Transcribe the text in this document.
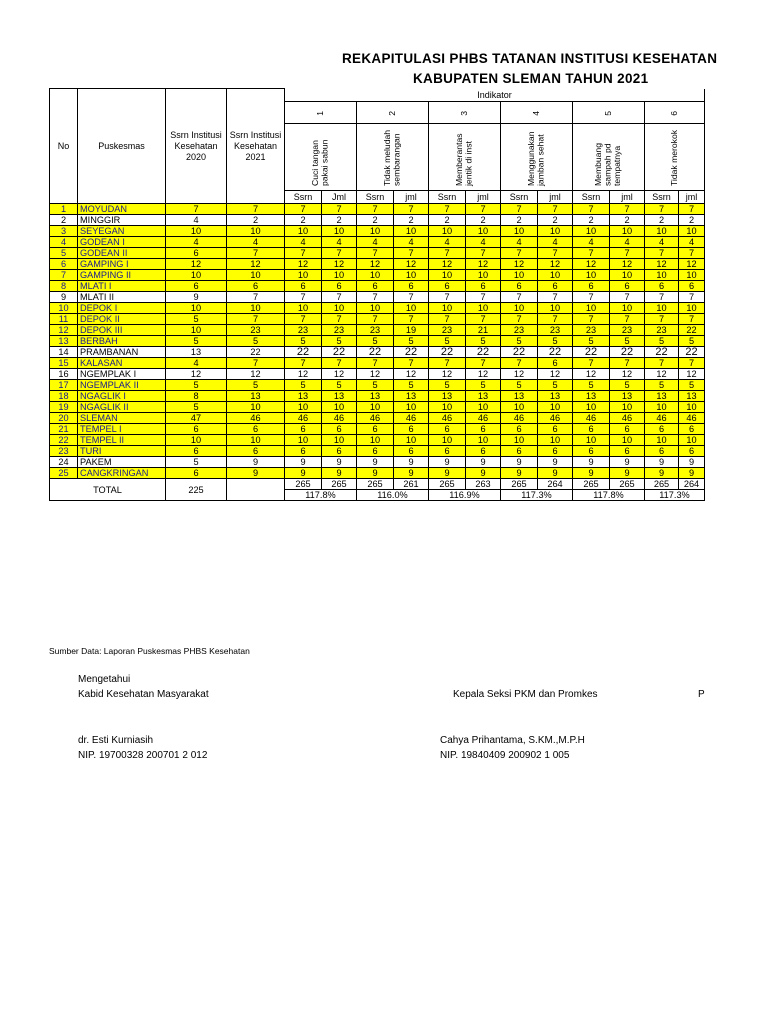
REKAPITULASI PHBS TATANAN INSTITUSI KESEHATAN
KABUPATEN SLEMAN TAHUN 2021
No	Puskesmas	Ssrn Institusi Kesehatan 2020	Ssrn Institusi Kesehatan 2021	Indikator											
				1		2		3		4		5		6	
				Cuci tangan pakai sabun		Tidak meludah sembarangan		Memberantas jentik di inst		Menggunakan jamban sehat		Membuang sampah pd tempatnya		Tidak merokok	
				Ssrn	Jml	Ssrn	jml	Ssrn	jml	Ssrn	jml	Ssrn	jml	Ssrn	jml
1	MOYUDAN	7	7	7	7	7	7	7	7	7	7	7	7	7	7
2	MINGGIR	4	2	2	2	2	2	2	2	2	2	2	2	2	2
3	SEYEGAN	10	10	10	10	10	10	10	10	10	10	10	10	10	10
4	GODEAN I	4	4	4	4	4	4	4	4	4	4	4	4	4	4
5	GODEAN II	6	7	7	7	7	7	7	7	7	7	7	7	7	7
6	GAMPING I	12	12	12	12	12	12	12	12	12	12	12	12	12	12
7	GAMPING II	10	10	10	10	10	10	10	10	10	10	10	10	10	10
8	MLATI I	6	6	6	6	6	6	6	6	6	6	6	6	6	6
9	MLATI II	9	7	7	7	7	7	7	7	7	7	7	7	7	7
10	DEPOK I	10	10	10	10	10	10	10	10	10	10	10	10	10	10
11	DEPOK II	5	7	7	7	7	7	7	7	7	7	7	7	7	7
12	DEPOK III	10	23	23	23	23	19	23	21	23	23	23	23	23	22
13	BERBAH	5	5	5	5	5	5	5	5	5	5	5	5	5	5
14	PRAMBANAN	13	22	22	22	22	22	22	22	22	22	22	22	22	22
15	KALASAN	4	7	7	7	7	7	7	7	7	6	7	7	7	7
16	NGEMPLAK I	12	12	12	12	12	12	12	12	12	12	12	12	12	12
17	NGEMPLAK II	5	5	5	5	5	5	5	5	5	5	5	5	5	5
18	NGAGLIK I	8	13	13	13	13	13	13	13	13	13	13	13	13	13
19	NGAGLIK II	5	10	10	10	10	10	10	10	10	10	10	10	10	10
20	SLEMAN	47	46	46	46	46	46	46	46	46	46	46	46	46	46
21	TEMPEL I	6	6	6	6	6	6	6	6	6	6	6	6	6	6
22	TEMPEL II	10	10	10	10	10	10	10	10	10	10	10	10	10	10
23	TURI	6	6	6	6	6	6	6	6	6	6	6	6	6	6
24	PAKEM	5	9	9	9	9	9	9	9	9	9	9	9	9	9
25	CANGKRINGAN	6	9	9	9	9	9	9	9	9	9	9	9	9	9
TOTAL		225		265	265	265	261	265	263	265	264	265	265	265	264
				117.8%		116.0%		116.9%		117.3%		117.8%		117.3%	
Sumber Data: Laporan Puskesmas PHBS Kesehatan
Mengetahui
Kabid Kesehatan Masyarakat	Kepala Seksi PKM dan Promkes	P
dr. Esti Kurniasih
NIP. 19700328 200701 2 012
Cahya Prihantama, S.KM.,M.P.H
NIP. 19840409 200902 1 005
